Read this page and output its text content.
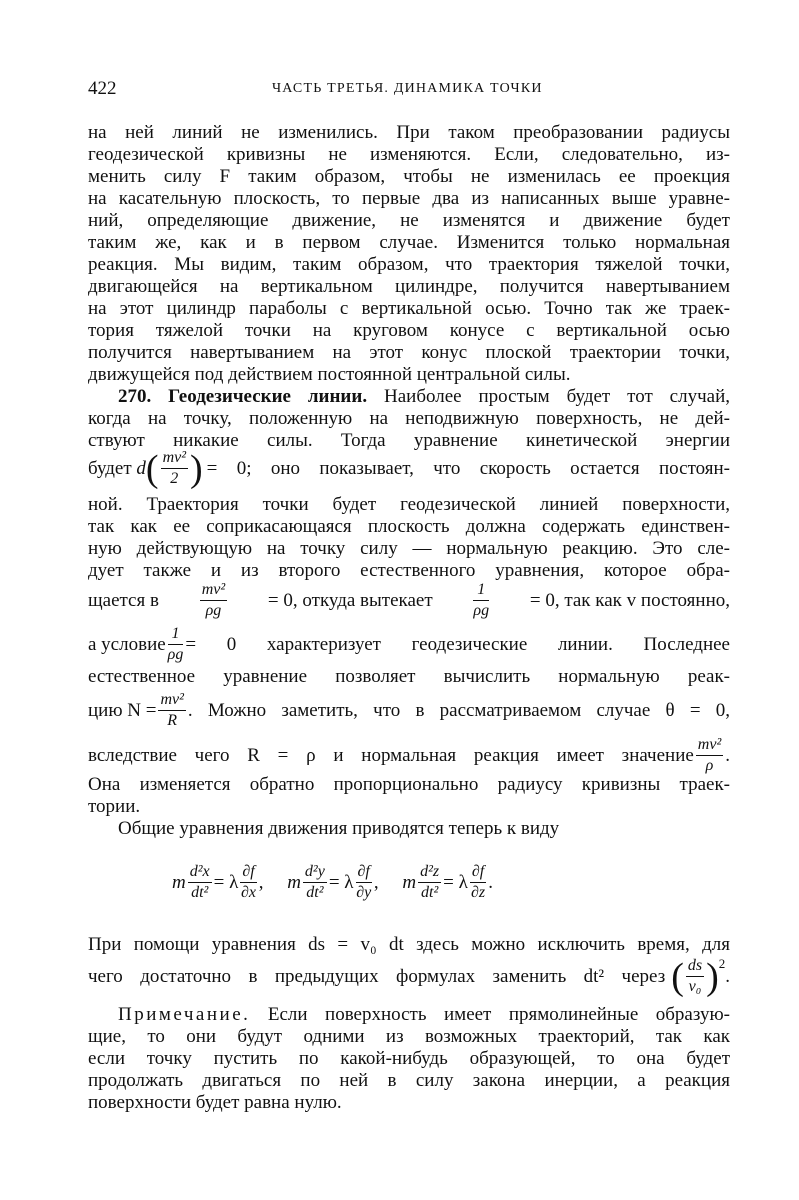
422	ЧАСТЬ ТРЕТЬЯ. ДИНАМИКА ТОЧКИ
на ней линий не изменились. При таком преобразовании радиусы
геодезической кривизны не изменяются. Если, следовательно, из-
менить силу F таким образом, чтобы не изменилась ее проекция
на касательную плоскость, то первые два из написанных выше уравне-
ний, определяющие движение, не изменятся и движение будет
таким же, как и в первом случае. Изменится только нормальная
реакция. Мы видим, таким образом, что траектория тяжелой точки,
двигающейся на вертикальном цилиндре, получится навертыванием
на этот цилиндр параболы с вертикальной осью. Точно так же траек-
тория тяжелой точки на круговом конусе с вертикальной осью
получится навертыванием на этот конус плоской траектории точки,
движущейся под действием постоянной центральной силы.
270. Геодезические линии. Наиболее простым будет тот случай,
когда на точку, положенную на неподвижную поверхность, не дей-
ствуют никакие силы. Тогда уравнение кинетической энергии
будет
d ( $\frac{\text{mv²}}{2}$ ) = 0; оно показывает, что скорость остается постоян-
ной. Траектория точки будет геодезической линией поверхности,
так как ее соприкасающаяся плоскость должна содержать единствен-
ную действующую на точку силу — нормальную реакцию. Это сле-
дует также и из второго естественного уравнения, которое обра-
щается в	$\frac{\text{mv²}}{\rho g} = 0$, откуда вытекает	$\frac{1}{\rho g} = 0$, так как v постоянно,
а условие $\frac{1}{\rho g} = 0$ характеризует геодезические линии. Последнее
естественное уравнение позволяет вычислить нормальную реак-
цию $N = \frac{\text{mv²}}{R}$ . Можно заметить, что в рассматриваемом случае θ = 0,
вследствие чего R = ρ и нормальная реакция имеет значение $\frac{\text{mv²}}{\rho}$ .
Она изменяется обратно пропорционально радиусу кривизны траек-
тории.
Общие уравнения движения приводятся теперь к виду
m $\frac{\text{d²x}}{\text{dt²}} = \lambda \frac{\partial f}{\partial x}$ , m $\frac{\text{d²y}}{\text{dt²}} = \lambda \frac{\partial f}{\partial y}$ , m $\frac{\text{d²z}}{\text{dt²}} = \lambda \frac{\partial f}{\partial z}$ .
При помощи уравнения ds = v₀ dt здесь можно исключить время, для
чего достаточно в предыдущих формулах заменить dt² через ( $\frac{ds}{\text{v₀}} )^2$
.
Примечание. Если поверхность имеет прямолинейные образую-
щие, то они будут одними из возможных траекторий, так как
если точку пустить по какой-нибудь образующей, то она будет
продолжать двигаться по ней в силу закона инерции, а реакция
поверхности будет равна нулю.
